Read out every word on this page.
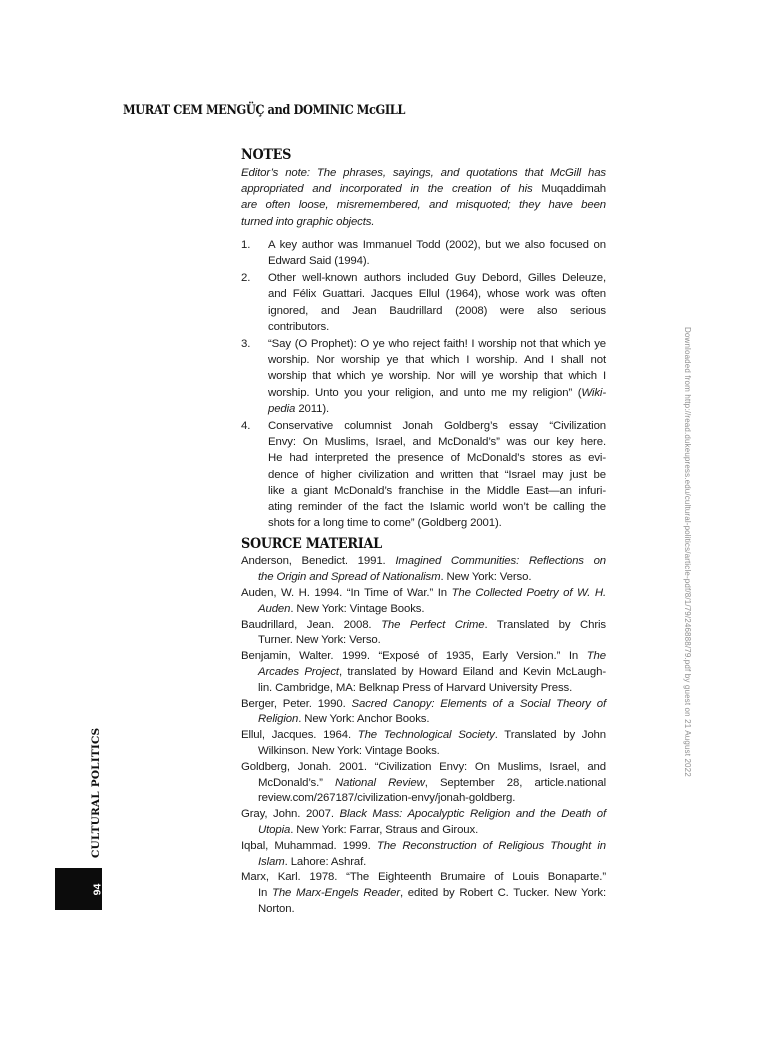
MURAT CEM MENGÜÇ and DOMINIC McGILL
NOTES
Editor’s note: The phrases, sayings, and quotations that McGill has
appropriated and incorporated in the creation of his Muqaddimah
are often loose, misremembered, and misquoted; they have been
turned into graphic objects.
1.	A key author was Immanuel Todd (2002), but we also focused on
Edward Said (1994).
2.	Other well-known authors included Guy Debord, Gilles Deleuze,
and Félix Guattari. Jacques Ellul (1964), whose work was often
ignored, and Jean Baudrillard (2008) were also serious
contributors.
3.	“Say (O Prophet): O ye who reject faith! I worship not that which ye
worship. Nor worship ye that which I worship. And I shall not
worship that which ye worship. Nor will ye worship that which I
worship. Unto you your religion, and unto me my religion” (Wiki-
pedia 2011).
4.	Conservative columnist Jonah Goldberg’s essay “Civilization
Envy: On Muslims, Israel, and McDonald’s” was our key here.
He had interpreted the presence of McDonald’s stores as evi-
dence of higher civilization and written that “Israel may just be
like a giant McDonald’s franchise in the Middle East—an infuri-
ating reminder of the fact the Islamic world won’t be calling the
shots for a long time to come” (Goldberg 2001).
SOURCE MATERIAL
Anderson, Benedict. 1991. Imagined Communities: Reflections on
the Origin and Spread of Nationalism. New York: Verso.
Auden, W. H. 1994. “In Time of War.” In The Collected Poetry of W. H.
Auden. New York: Vintage Books.
Baudrillard, Jean. 2008. The Perfect Crime. Translated by Chris
Turner. New York: Verso.
Benjamin, Walter. 1999. “Exposé of 1935, Early Version.” In The
Arcades Project, translated by Howard Eiland and Kevin McLaugh-
lin. Cambridge, MA: Belknap Press of Harvard University Press.
Berger, Peter. 1990. Sacred Canopy: Elements of a Social Theory of
Religion. New York: Anchor Books.
Ellul, Jacques. 1964. The Technological Society. Translated by John
Wilkinson. New York: Vintage Books.
Goldberg, Jonah. 2001. “Civilization Envy: On Muslims, Israel, and
McDonald’s.” National Review, September 28, article.national
review.com/267187/civilization-envy/jonah-goldberg.
Gray, John. 2007. Black Mass: Apocalyptic Religion and the Death of
Utopia. New York: Farrar, Straus and Giroux.
Iqbal, Muhammad. 1999. The Reconstruction of Religious Thought in
Islam. Lahore: Ashraf.
Marx, Karl. 1978. “The Eighteenth Brumaire of Louis Bonaparte.”
In The Marx-Engels Reader, edited by Robert C. Tucker. New York:
Norton.
CULTURAL POLITICS
94
Downloaded from http://read.dukeupress.edu/cultural-politics/article-pdf/8/1/79/246888/79.pdf by guest on 21 August 2022
